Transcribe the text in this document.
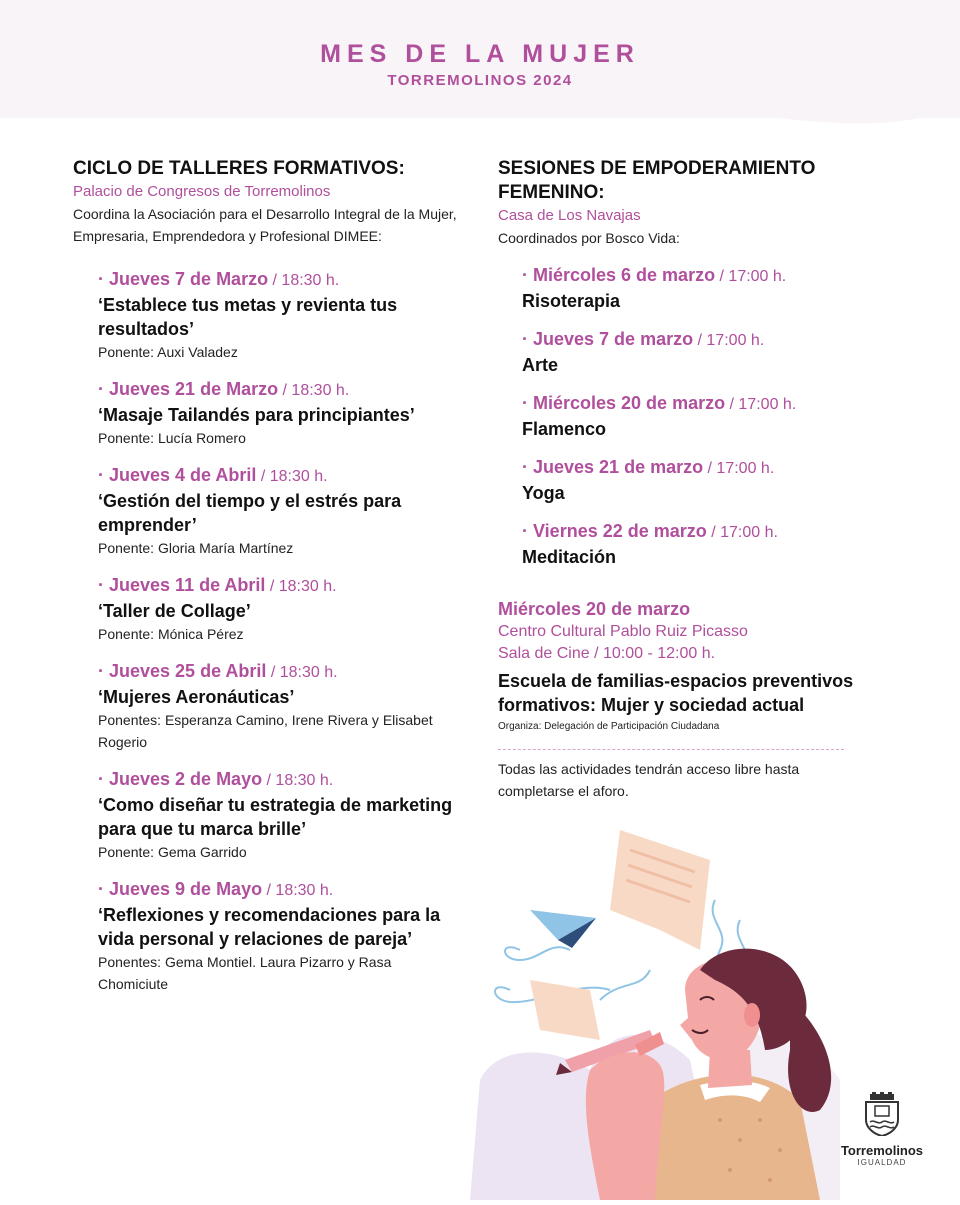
MES DE LA MUJER
TORREMOLINOS 2024
CICLO DE TALLERES FORMATIVOS:
Palacio de Congresos de Torremolinos
Coordina la Asociación para el Desarrollo Integral de la Mujer, Empresaria, Emprendedora y Profesional DIMEE:
· Jueves 7 de Marzo / 18:30 h.
‘Establece tus metas y revienta tus resultados’
Ponente: Auxi Valadez
· Jueves 21 de Marzo / 18:30 h.
‘Masaje Tailandés para principiantes’
Ponente: Lucía Romero
· Jueves 4 de Abril / 18:30 h.
‘Gestión del tiempo y el estrés para emprender’
Ponente: Gloria María Martínez
· Jueves 11 de Abril / 18:30 h.
‘Taller de Collage’
Ponente: Mónica Pérez
· Jueves 25 de Abril / 18:30 h.
‘Mujeres Aeronáuticas’
Ponentes: Esperanza Camino, Irene Rivera y Elisabet Rogerio
· Jueves 2 de Mayo / 18:30 h.
‘Como diseñar tu estrategia de marketing para que tu marca brille’
Ponente: Gema Garrido
· Jueves 9 de Mayo / 18:30 h.
‘Reflexiones y recomendaciones para la vida personal y relaciones de pareja’
Ponentes: Gema Montiel. Laura Pizarro y Rasa Chomiciute
SESIONES DE EMPODERAMIENTO FEMENINO:
Casa de Los Navajas
Coordinados por Bosco Vida:
· Miércoles 6 de marzo / 17:00 h.
Risoterapia
· Jueves 7 de marzo / 17:00 h.
Arte
· Miércoles 20 de marzo / 17:00 h.
Flamenco
· Jueves 21 de marzo / 17:00 h.
Yoga
· Viernes 22 de marzo / 17:00 h.
Meditación
Miércoles 20 de marzo
Centro Cultural Pablo Ruiz Picasso
Sala de Cine / 10:00 - 12:00 h.
Escuela de familias-espacios preventivos formativos: Mujer y sociedad actual
Organiza: Delegación de Participación Ciudadana
Todas las actividades tendrán acceso libre hasta completarse el aforo.
Torremolinos
IGUALDAD
